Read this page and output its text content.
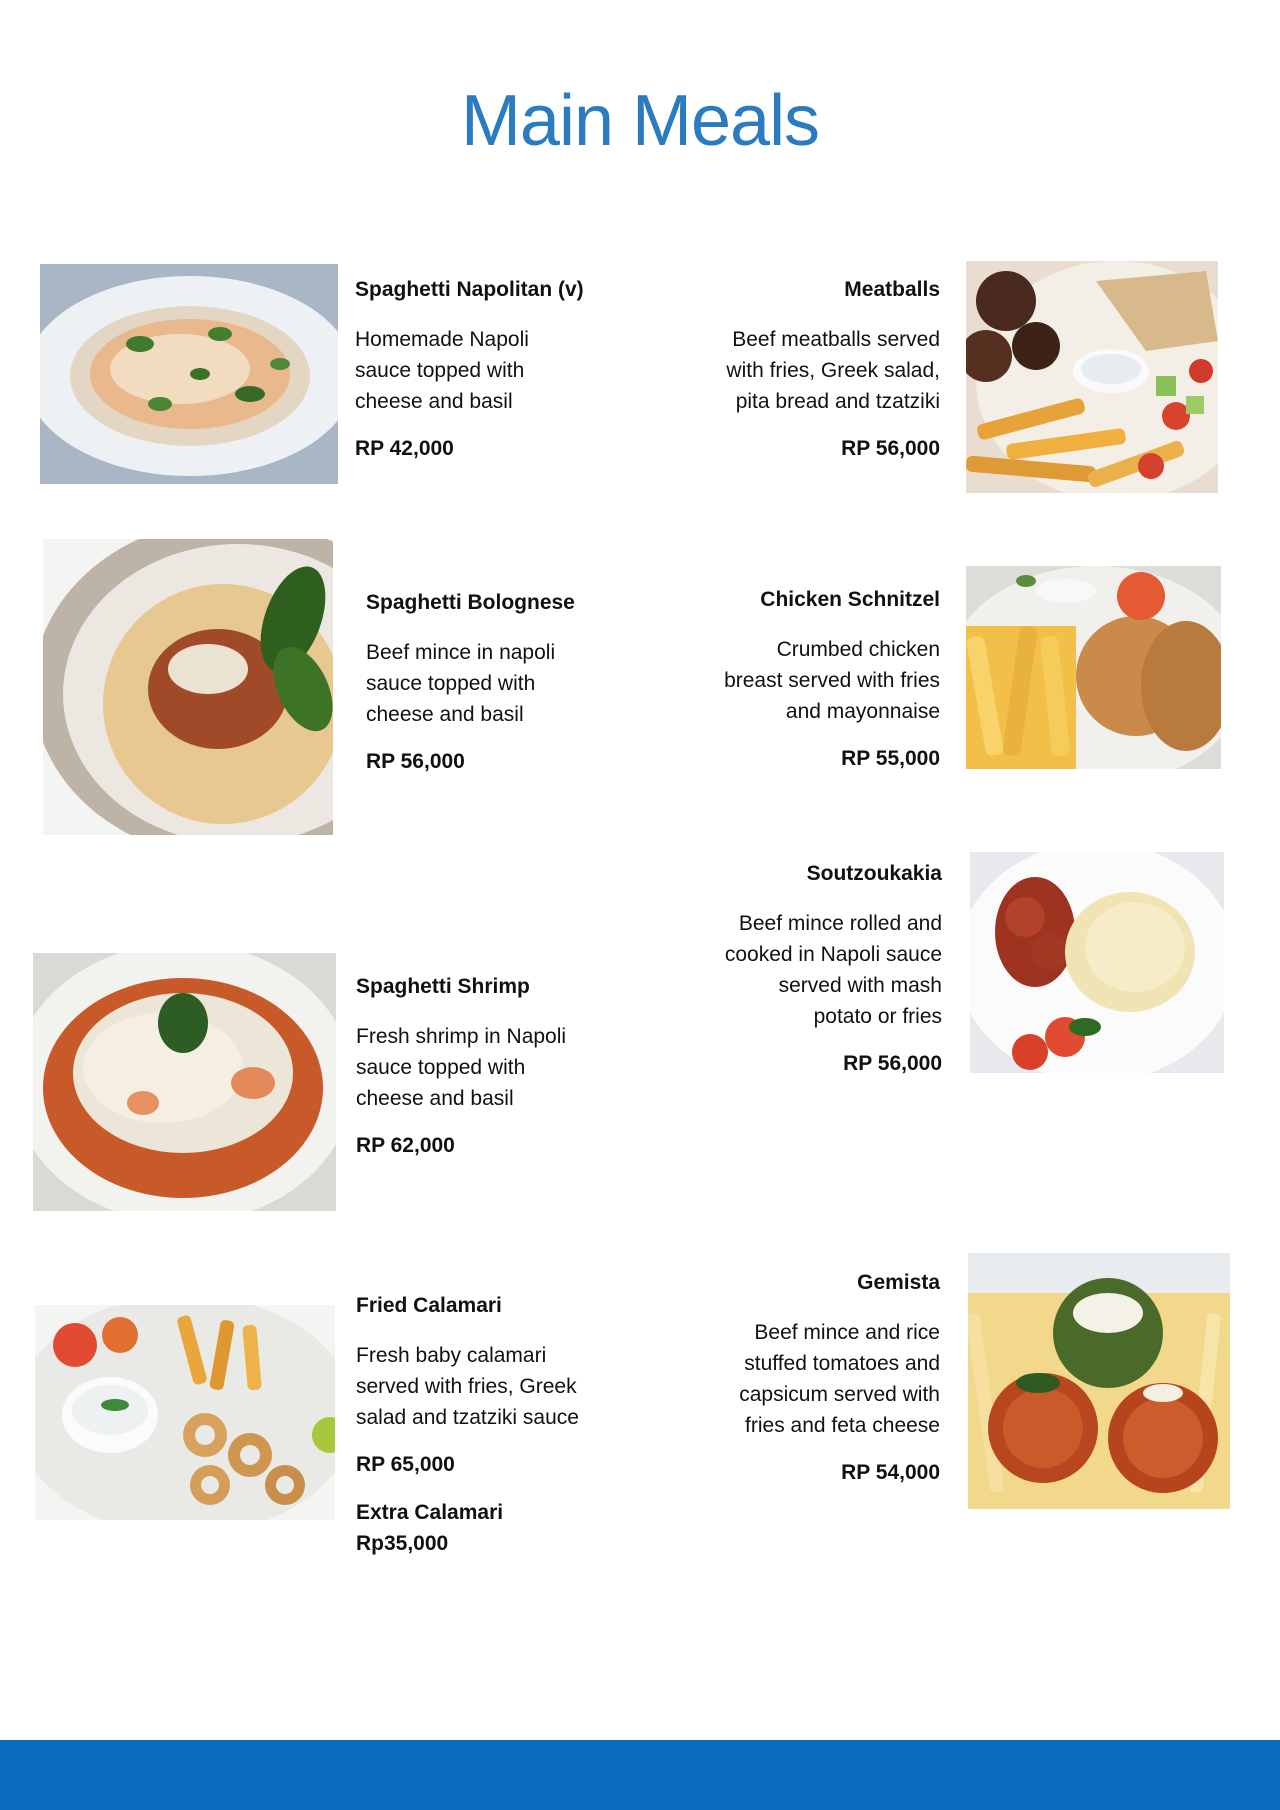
Main Meals
Spaghetti Napolitan (v)
Homemade Napoli
sauce topped with
cheese and basil
RP 42,000
Meatballs
Beef meatballs served
with fries, Greek salad,
pita bread and tzatziki
RP 56,000
Spaghetti Bolognese
Beef mince in napoli
sauce topped with
cheese and basil
RP 56,000
Chicken Schnitzel
Crumbed chicken
breast served with fries
and mayonnaise
RP 55,000
Soutzoukakia
Beef mince rolled and
cooked in Napoli sauce
served with mash
potato or fries
RP 56,000
Spaghetti Shrimp
Fresh shrimp in Napoli
sauce topped with
cheese and basil
RP 62,000
Fried Calamari
Fresh baby calamari
served with fries, Greek
salad and tzatziki sauce
RP 65,000
Extra Calamari
Rp35,000
Gemista
Beef mince and rice
stuffed tomatoes and
capsicum served with
fries and feta cheese
RP 54,000
